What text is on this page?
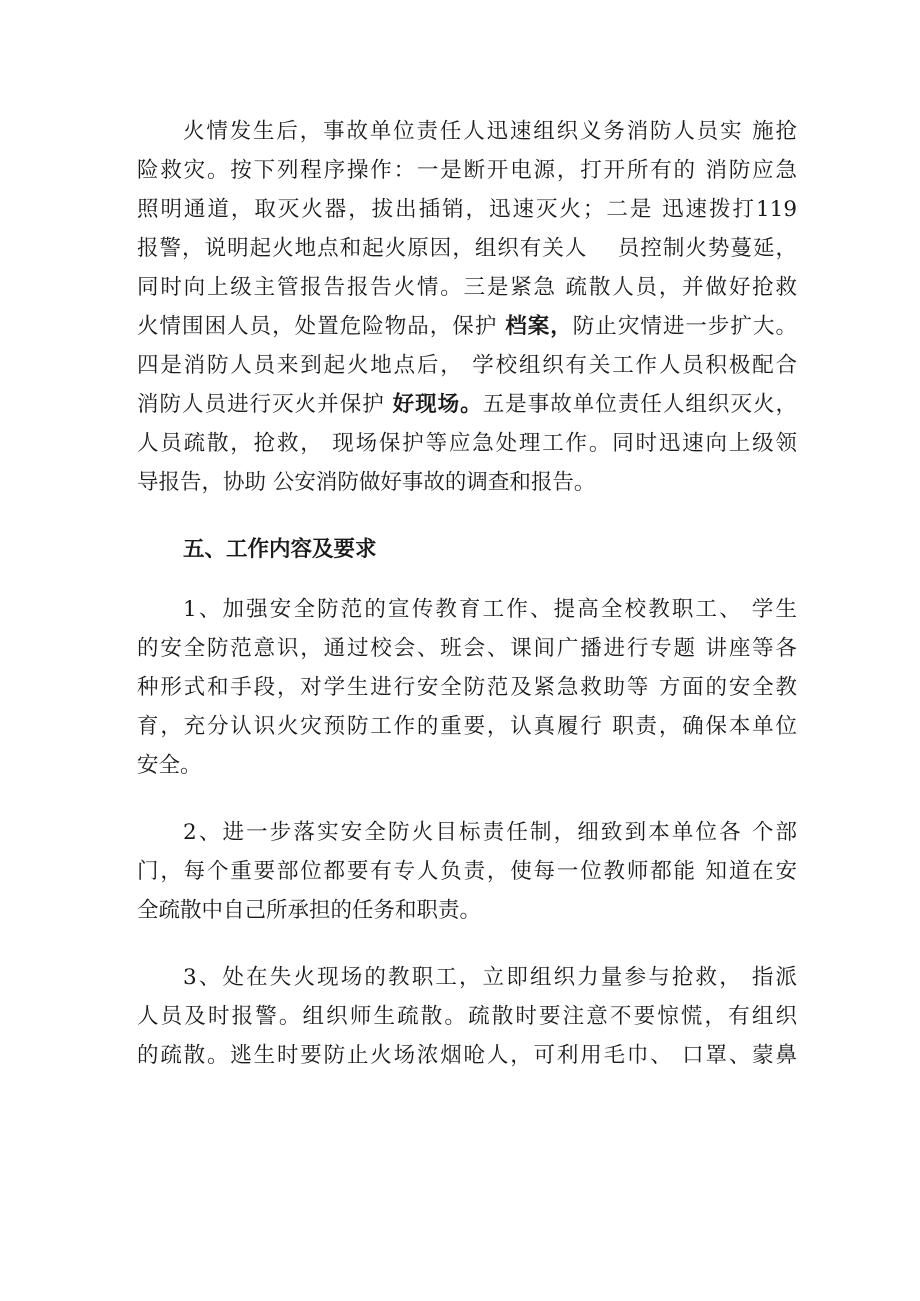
火情发生后，事故单位责任人迅速组织义务消防人员实 施抢
险救灾。按下列程序操作：一是断开电源，打开所有的 消防应急
照明通道，取灭火器，拔出插销，迅速灭火；二是 迅速拨打119
报警，说明起火地点和起火原因，组织有关人　 员控制火势蔓延，
同时向上级主管报告报告火情。三是紧急 疏散人员，并做好抢救
火情围困人员，处置危险物品，保护 档案，防止灾情进一步扩大。
四是消防人员来到起火地点后， 学校组织有关工作人员积极配合
消防人员进行灭火并保护 好现场。五是事故单位责任人组织灭火，
人员疏散，抢救， 现场保护等应急处理工作。同时迅速向上级领
导报告，协助 公安消防做好事故的调查和报告。
五、工作内容及要求
1、加强安全防范的宣传教育工作、提高全校教职工、 学生
的安全防范意识，通过校会、班会、课间广播进行专题 讲座等各
种形式和手段，对学生进行安全防范及紧急救助等 方面的安全教
育，充分认识火灾预防工作的重要，认真履行 职责，确保本单位
安全。
2、进一步落实安全防火目标责任制，细致到本单位各 个部
门，每个重要部位都要有专人负责，使每一位教师都能 知道在安
全疏散中自己所承担的任务和职责。
3、处在失火现场的教职工，立即组织力量参与抢救， 指派
人员及时报警。组织师生疏散。疏散时要注意不要惊慌，有组织
的疏散。逃生时要防止火场浓烟呛人，可利用毛巾、 口罩、蒙鼻
